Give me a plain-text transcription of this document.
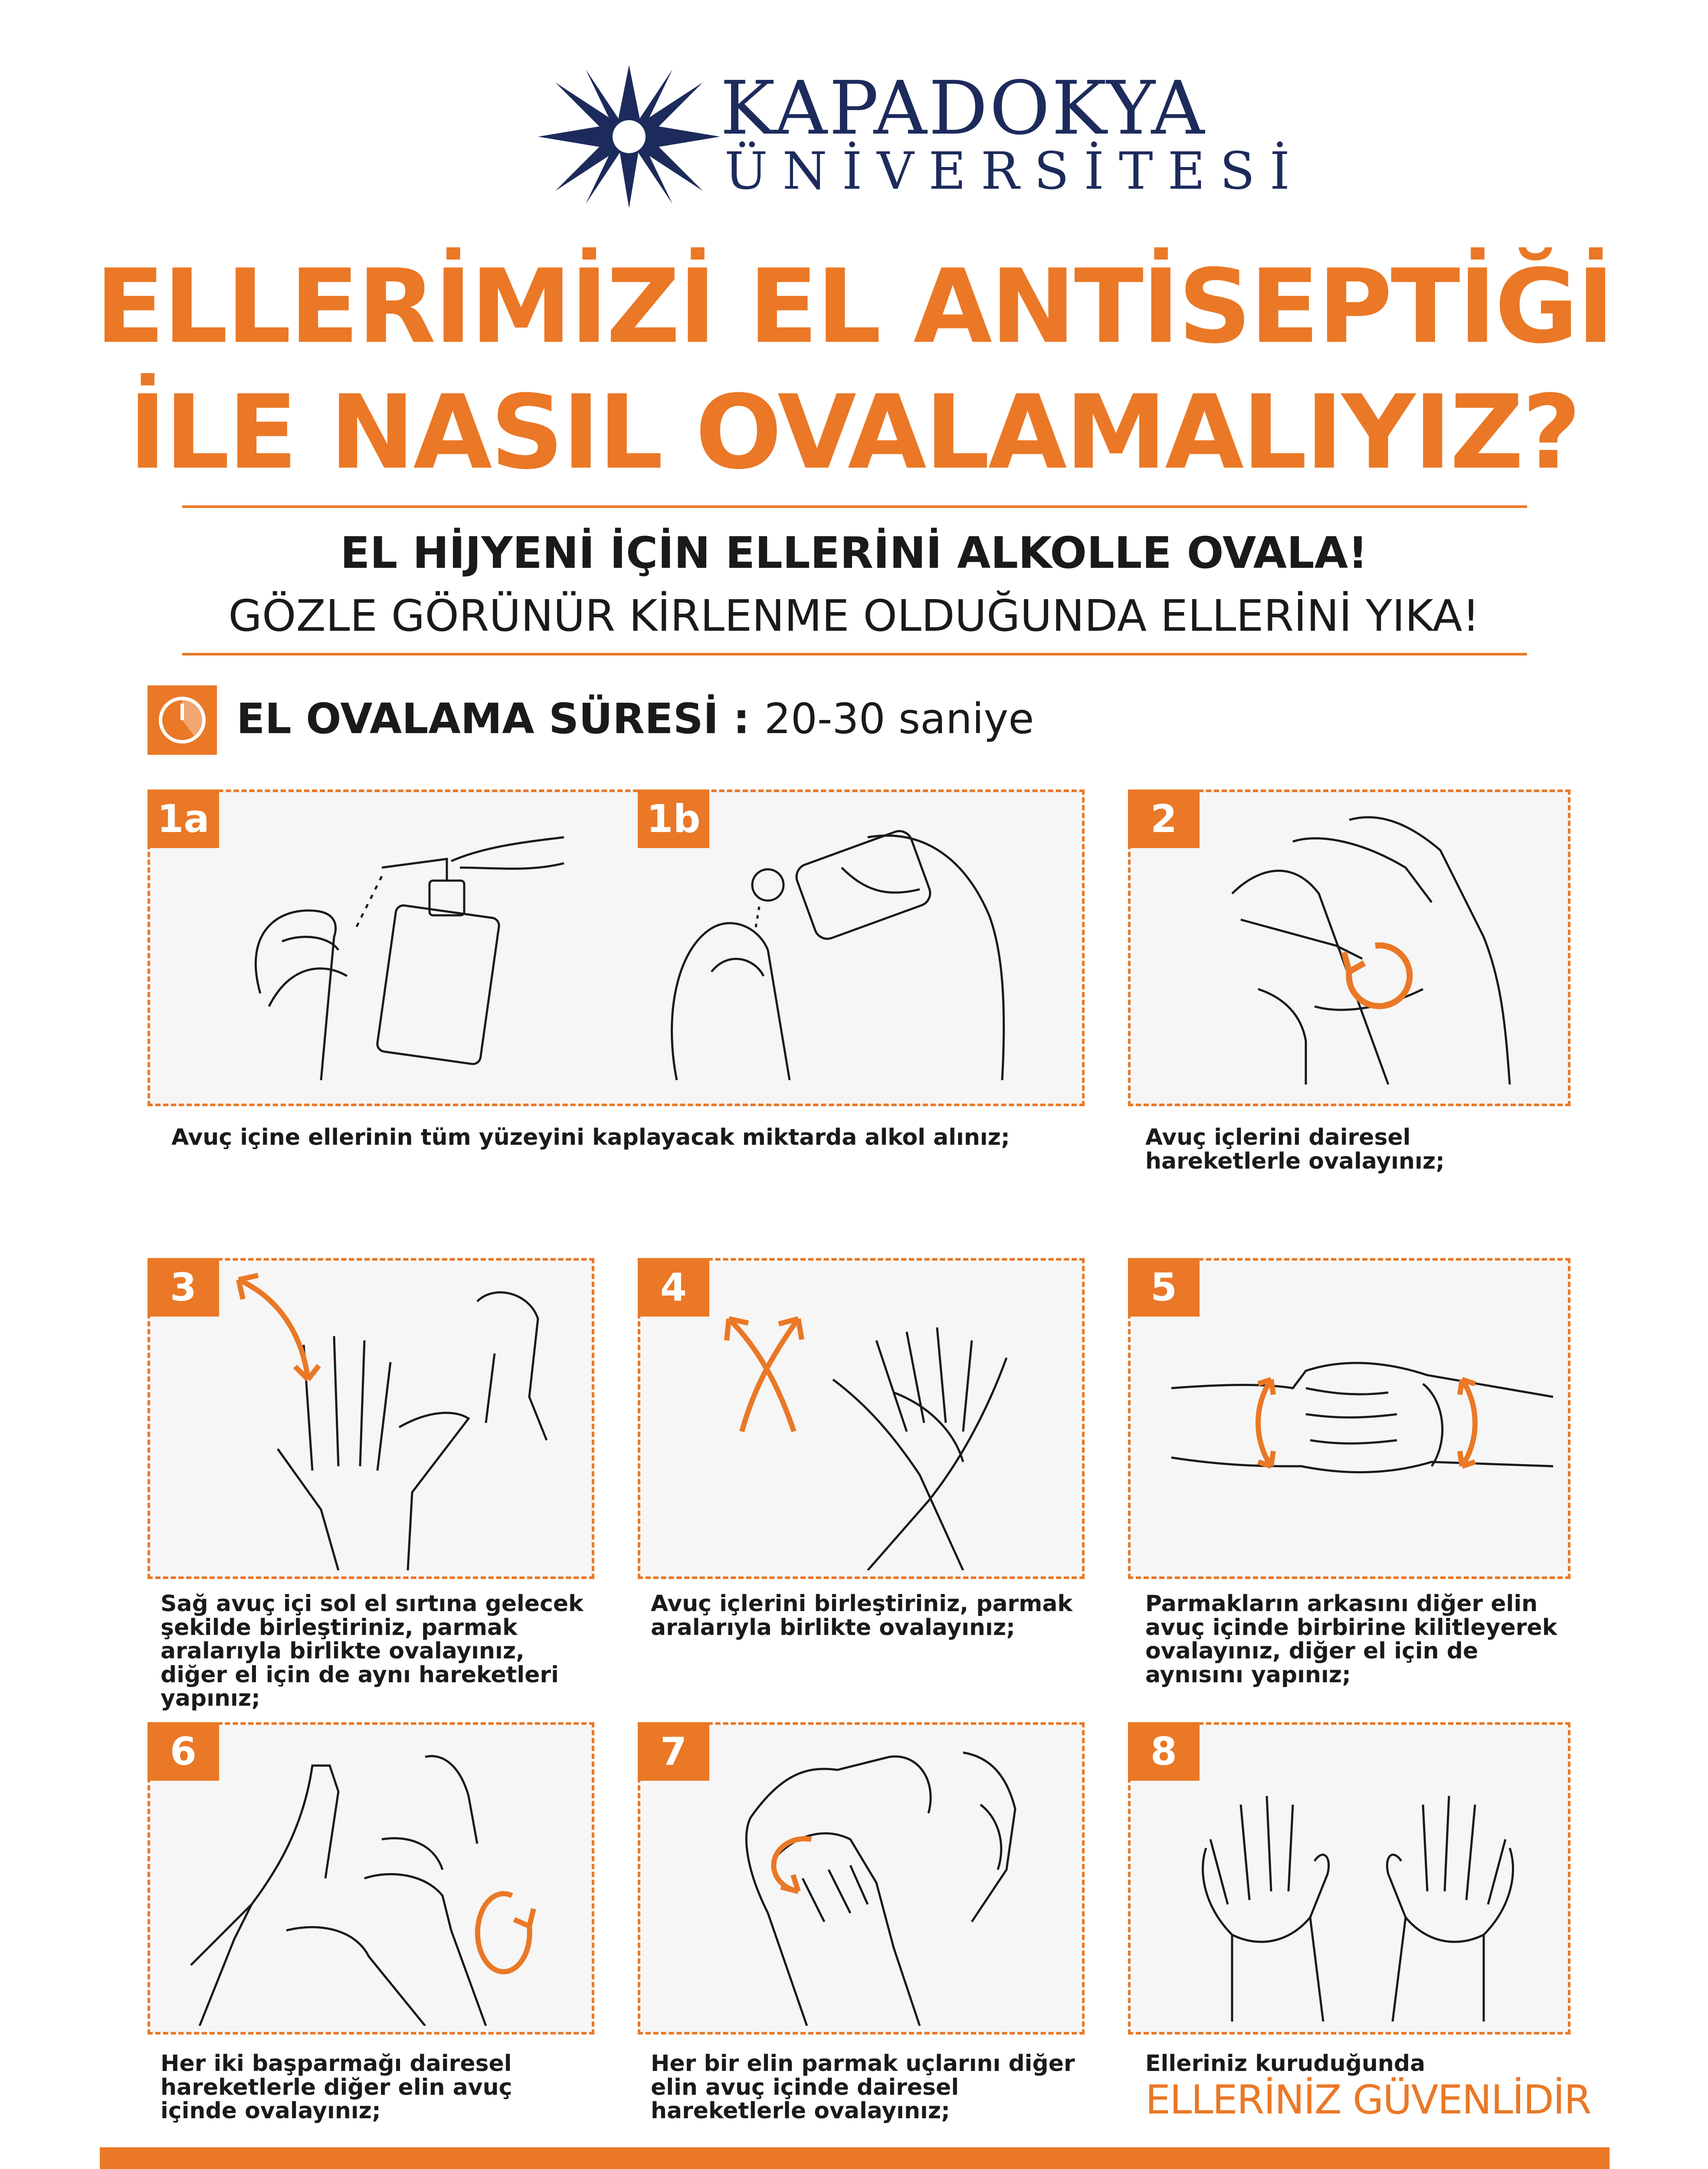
KAPADOKYA
ÜNİVERSİTESİ
ELLERİMİZİ EL ANTİSEPTİĞİ
İLE NASIL OVALAMALIYIZ?
EL HİJYENİ İÇİN ELLERİNİ ALKOLLE OVALA!
GÖZLE GÖRÜNÜR KİRLENME OLDUĞUNDA ELLERİNİ YIKA!
EL OVALAMA SÜRESİ : 20-30 saniye
1a	1b
Avuç içine ellerinin tüm yüzeyini kaplayacak miktarda alkol alınız;
2
Avuç içlerini dairesel hareketlerle ovalayınız;
3
Sağ avuç içi sol el sırtına gelecek şekilde birleştiriniz, parmak aralarıyla birlikte ovalayınız, diğer el için de aynı hareketleri yapınız;
4
Avuç içlerini birleştiriniz, parmak aralarıyla birlikte ovalayınız;
5
Parmakların arkasını diğer elin avuç içinde birbirine kilitleyerek ovalayınız, diğer el için de aynısını yapınız;
6
Her iki başparmağı dairesel hareketlerle diğer elin avuç içinde ovalayınız;
7
Her bir elin parmak uçlarını diğer elin avuç içinde dairesel hareketlerle ovalayınız;
8
Elleriniz kuruduğunda
ELLERİNİZ GÜVENLİDİR
